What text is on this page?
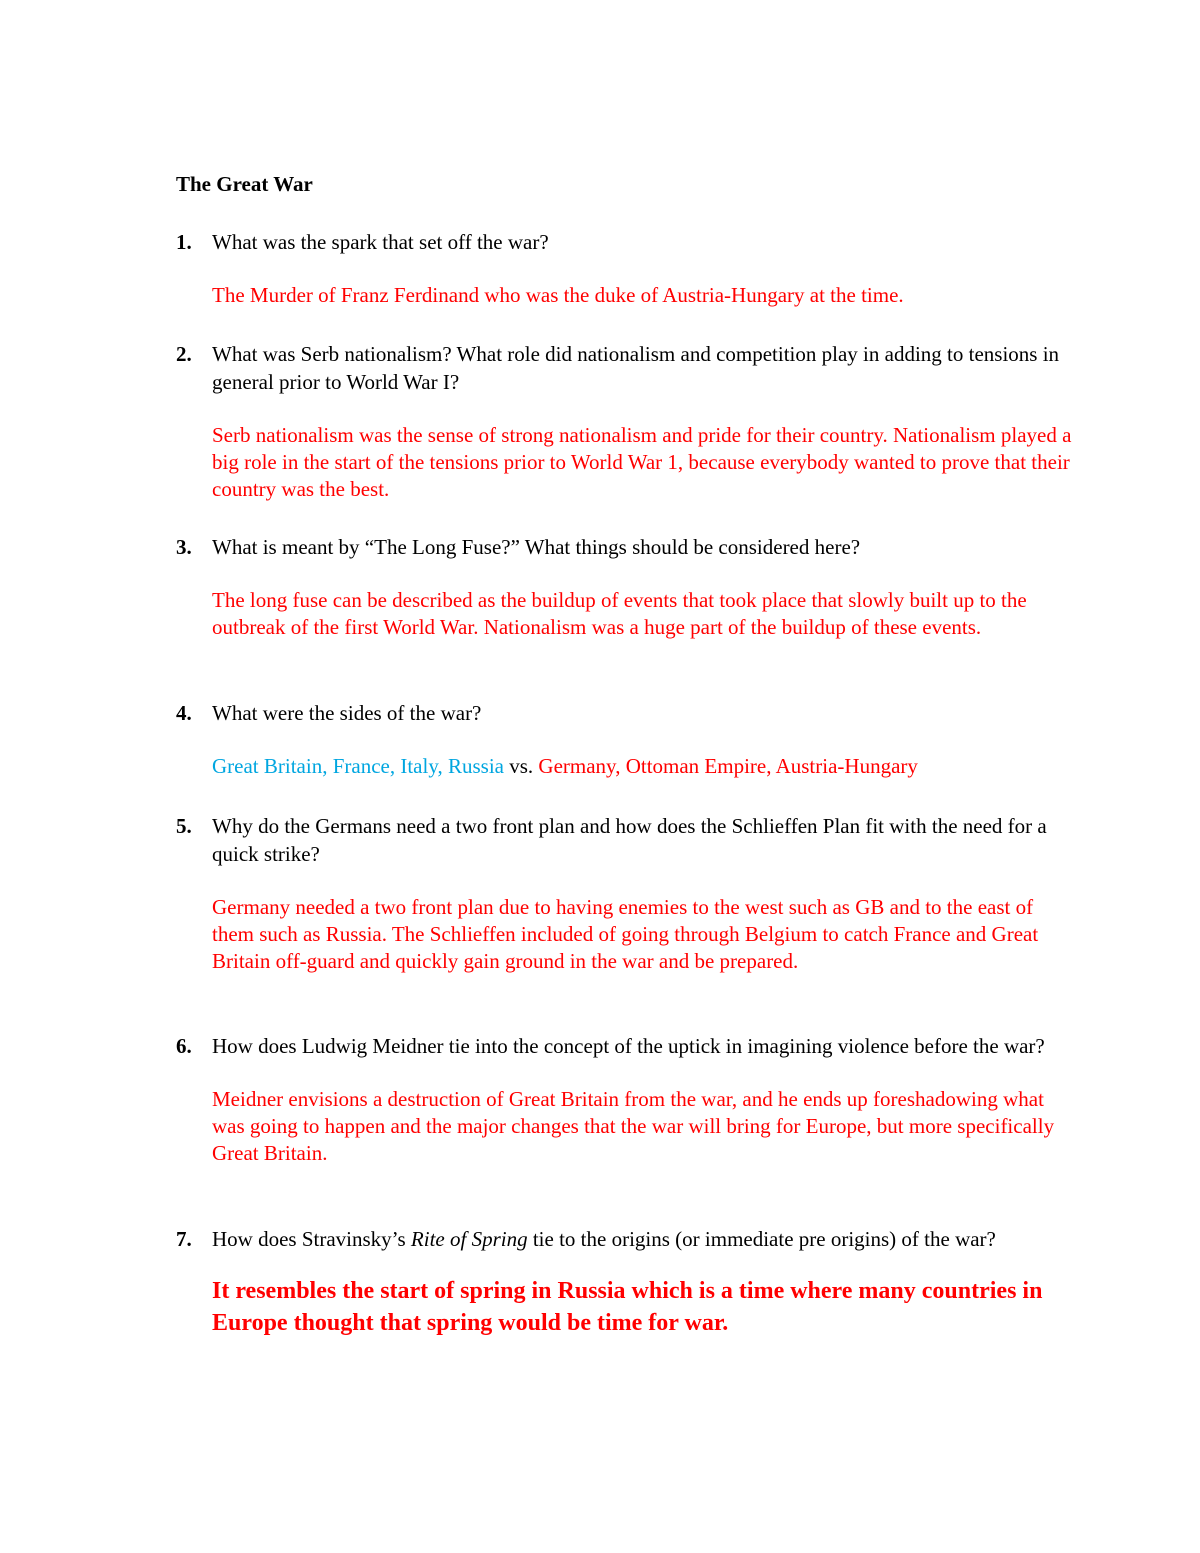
The Great War
1. What was the spark that set off the war?
The Murder of Franz Ferdinand who was the duke of Austria-Hungary at the time.
2. What was Serb nationalism? What role did nationalism and competition play in adding to tensions in general prior to World War I?
Serb nationalism was the sense of strong nationalism and pride for their country. Nationalism played a big role in the start of the tensions prior to World War 1, because everybody wanted to prove that their country was the best.
3. What is meant by “The Long Fuse?” What things should be considered here?
The long fuse can be described as the buildup of events that took place that slowly built up to the outbreak of the first World War. Nationalism was a huge part of the buildup of these events.
4. What were the sides of the war?
Great Britain, France, Italy, Russia vs. Germany, Ottoman Empire, Austria-Hungary
5. Why do the Germans need a two front plan and how does the Schlieffen Plan fit with the need for a quick strike?
Germany needed a two front plan due to having enemies to the west such as GB and to the east of them such as Russia. The Schlieffen included of going through Belgium to catch France and Great Britain off-guard and quickly gain ground in the war and be prepared.
6. How does Ludwig Meidner tie into the concept of the uptick in imagining violence before the war?
Meidner envisions a destruction of Great Britain from the war, and he ends up foreshadowing what was going to happen and the major changes that the war will bring for Europe, but more specifically Great Britain.
7. How does Stravinsky’s Rite of Spring tie to the origins (or immediate pre origins) of the war?
It resembles the start of spring in Russia which is a time where many countries in Europe thought that spring would be time for war.
